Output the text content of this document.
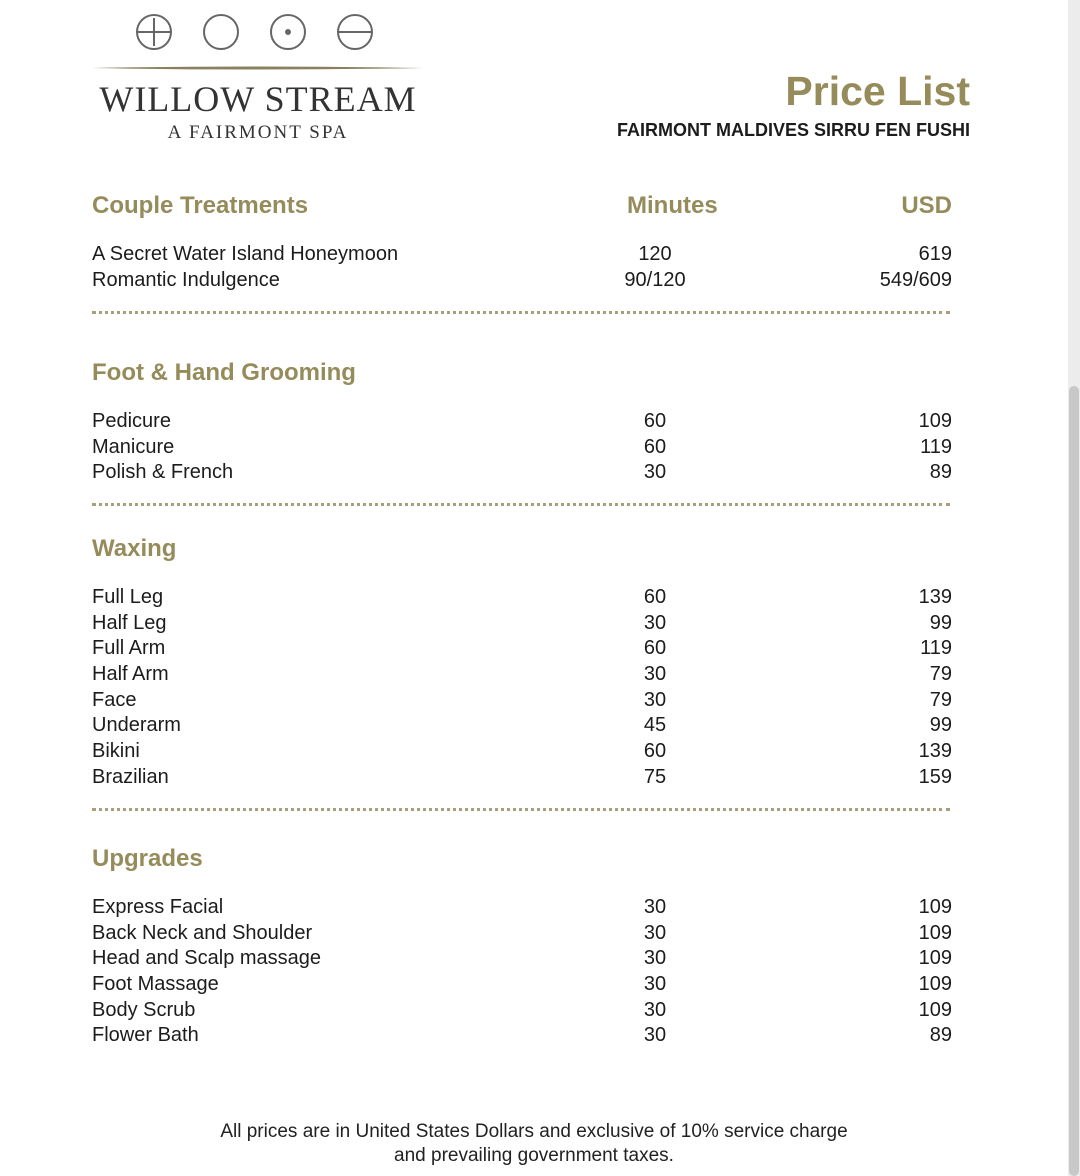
WILLOW STREAM
A FAIRMONT SPA
Price List
FAIRMONT MALDIVES SIRRU FEN FUSHI
Couple Treatments	Minutes	USD
A Secret Water Island Honeymoon	120	619
Romantic Indulgence	90/120	549/609
Foot & Hand Grooming
Pedicure	60	109
Manicure	60	119
Polish & French	30	89
Waxing
Full Leg	60	139
Half Leg	30	99
Full Arm	60	119
Half Arm	30	79
Face	30	79
Underarm	45	99
Bikini	60	139
Brazilian	75	159
Upgrades
Express Facial	30	109
Back Neck and Shoulder	30	109
Head and Scalp massage	30	109
Foot Massage	30	109
Body Scrub	30	109
Flower Bath	30	89
All prices are in United States Dollars and exclusive of 10% service charge
and prevailing government taxes.
